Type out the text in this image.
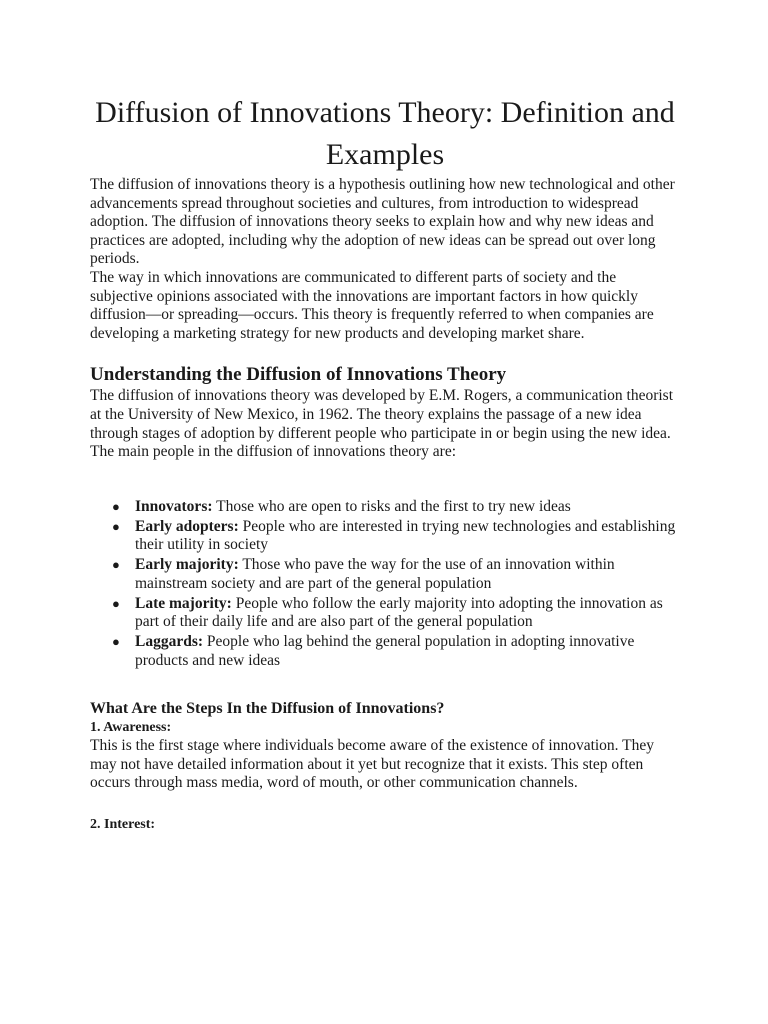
Diffusion of Innovations Theory: Definition and Examples

The diffusion of innovations theory is a hypothesis outlining how new technological and other advancements spread throughout societies and cultures, from introduction to widespread adoption. The diffusion of innovations theory seeks to explain how and why new ideas and practices are adopted, including why the adoption of new ideas can be spread out over long periods.

The way in which innovations are communicated to different parts of society and the subjective opinions associated with the innovations are important factors in how quickly diffusion—or spreading—occurs. This theory is frequently referred to when companies are developing a marketing strategy for new products and developing market share.

Understanding the Diffusion of Innovations Theory

The diffusion of innovations theory was developed by E.M. Rogers, a communication theorist at the University of New Mexico, in 1962. The theory explains the passage of a new idea through stages of adoption by different people who participate in or begin using the new idea. The main people in the diffusion of innovations theory are:

● Innovators: Those who are open to risks and the first to try new ideas
● Early adopters: People who are interested in trying new technologies and establishing their utility in society
● Early majority: Those who pave the way for the use of an innovation within mainstream society and are part of the general population
● Late majority: People who follow the early majority into adopting the innovation as part of their daily life and are also part of the general population
● Laggards: People who lag behind the general population in adopting innovative products and new ideas
What Are the Steps In the Diffusion of Innovations?
1. Awareness:

This is the first stage where individuals become aware of the existence of innovation. They may not have detailed information about it yet but recognize that it exists. This step often occurs through mass media, word of mouth, or other communication channels.

2. Interest:
